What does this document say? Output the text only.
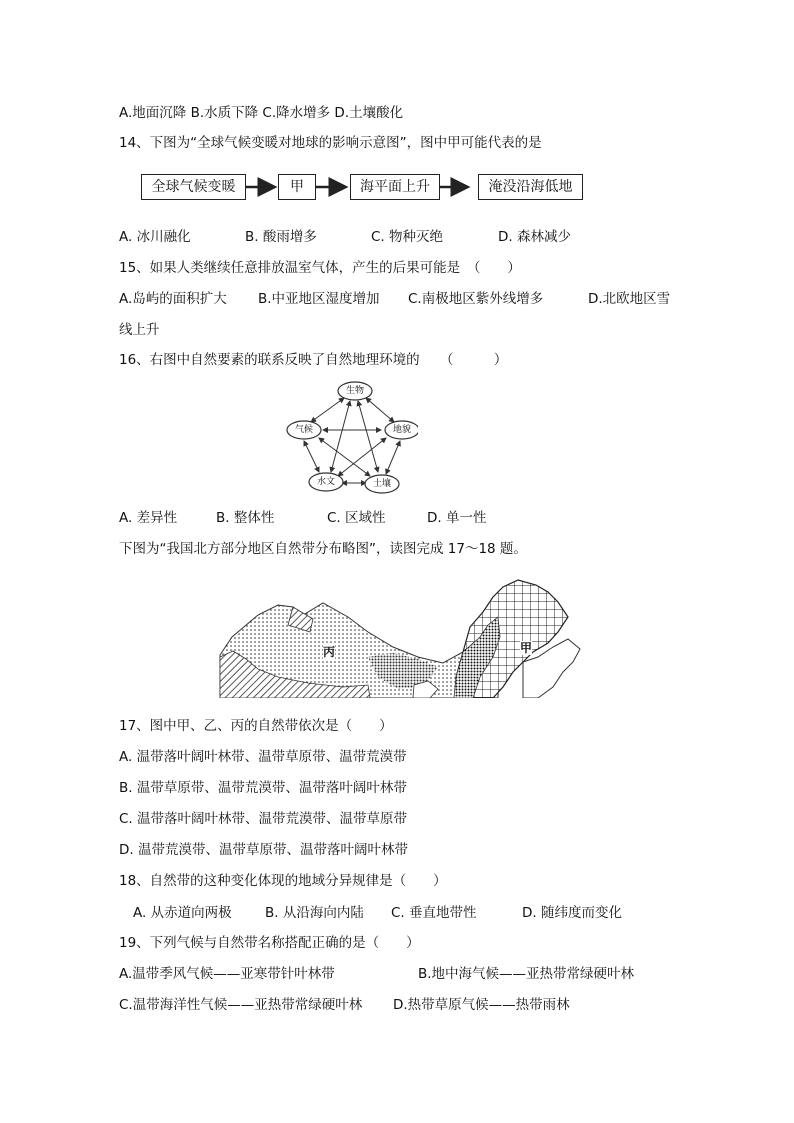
A.地面沉降 B.水质下降 C.降水增多 D.土壤酸化
14、下图为“全球气候变暖对地球的影响示意图”，图中甲可能代表的是
全球气候变暖	甲	海平面上升	淹没沿海低地
A. 冰川融化	B. 酸雨增多	C. 物种灭绝	D. 森林减少
15、如果人类继续任意排放温室气体，产生的后果可能是　（　　）
A.岛屿的面积扩大 B.中亚地区湿度增加 C.南极地区紫外线增多	D.北欧地区雪
线上升
16、右图中自然要素的联系反映了自然地理环境的　　（　　　）
生物
气候	地貌
水文	土壤
A. 差异性	B. 整体性	C. 区域性	D. 单一性
下图为“我国北方部分地区自然带分布略图”，读图完成 17～18 题。
丙	甲
17、图中甲、乙、丙的自然带依次是（　　）
A. 温带落叶阔叶林带、温带草原带、温带荒漠带
B. 温带草原带、温带荒漠带、温带落叶阔叶林带
C. 温带落叶阔叶林带、温带荒漠带、温带草原带
D. 温带荒漠带、温带草原带、温带落叶阔叶林带
18、自然带的这种变化体现的地域分异规律是（　　）
A. 从赤道向两极 B. 从沿海向内陆 C. 垂直地带性	D. 随纬度而变化
19、下列气候与自然带名称搭配正确的是（　　）
A.温带季风气候——亚寒带针叶林带	B.地中海气候——亚热带常绿硬叶林
C.温带海洋性气候——亚热带常绿硬叶林 D.热带草原气候——热带雨林
